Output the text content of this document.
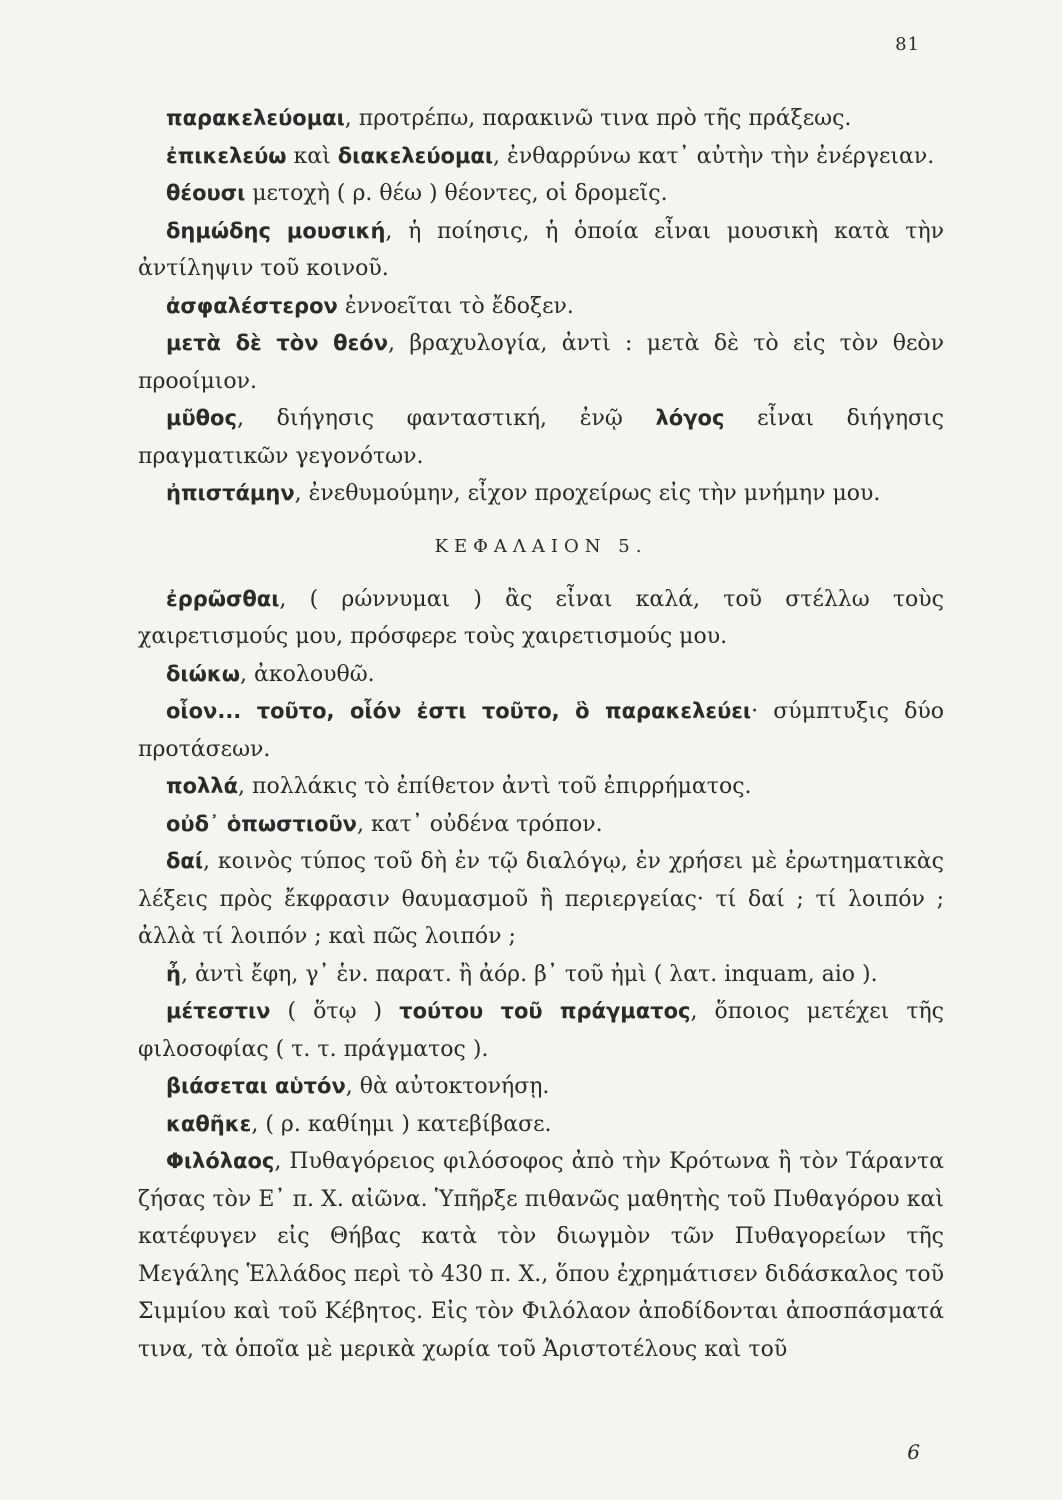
81

παρακελεύομαι, προτρέπω, παρακινῶ τινα πρὸ τῆς πράξεως.

ἐπικελεύω καὶ διακελεύομαι, ἐνθαρρύνω κατ᾽ αὐτὴν τὴν ἐνέργειαν.

θέουσι μετοχὴ ( ρ. θέω ) θέοντες, οἱ δρομεῖς.

δημώδης μουσική, ἡ ποίησις, ἡ ὁποία εἶναι μουσικὴ κατὰ τὴν ἀντίληψιν τοῦ κοινοῦ.

ἀσφαλέστερον ἐννοεῖται τὸ ἔδοξεν.

μετὰ δὲ τὸν θεόν, βραχυλογία, ἀντὶ : μετὰ δὲ τὸ εἰς τὸν θεὸν προοίμιον.

μῦθος, διήγησις φανταστική, ἐνῷ λόγος εἶναι διήγησις πραγματικῶν γεγονότων.

ἠπιστάμην, ἐνεθυμούμην, εἶχον προχείρως εἰς τὴν μνήμην μου.

ΚΕΦΑΛΑΙΟΝ 5.

ἐρρῶσθαι, ( ρώννυμαι ) ἂς εἶναι καλά, τοῦ στέλλω τοὺς χαιρετισμούς μου, πρόσφερε τοὺς χαιρετισμούς μου.

διώκω, ἀκολουθῶ.

οἷον... τοῦτο, οἷόν ἐστι τοῦτο, ὃ παρακελεύει· σύμπτυξις δύο προτάσεων.

πολλά, πολλάκις τὸ ἐπίθετον ἀντὶ τοῦ ἐπιρρήματος.

οὐδ᾽ ὁπωστιοῦν, κατ᾽ οὐδένα τρόπον.

δαί, κοινὸς τύπος τοῦ δὴ ἐν τῷ διαλόγῳ, ἐν χρήσει μὲ ἐρωτηματικὰς λέξεις πρὸς ἔκφρασιν θαυμασμοῦ ἢ περιεργείας· τί δαί ; τί λοιπόν ; ἀλλὰ τί λοιπόν ; καὶ πῶς λοιπόν ;

ἦ, ἀντὶ ἔφη, γ᾽ ἑν. παρατ. ἢ ἀόρ. β᾽ τοῦ ἠμὶ ( λατ. inquam, aio ).

μέτεστιν ( ὅτῳ ) τούτου τοῦ πράγματος, ὅποιος μετέχει τῆς φιλοσοφίας ( τ. τ. πράγματος ).

βιάσεται αὑτόν, θὰ αὐτοκτονήσῃ.

καθῆκε, ( ρ. καθίημι ) κατεβίβασε.

Φιλόλαος, Πυθαγόρειος φιλόσοφος ἀπὸ τὴν Κρότωνα ἢ τὸν Τάραντα ζήσας τὸν Ε᾽ π. Χ. αἰῶνα. Ὑπῆρξε πιθανῶς μαθητὴς τοῦ Πυθαγόρου καὶ κατέφυγεν εἰς Θήβας κατὰ τὸν διωγμὸν τῶν Πυθαγορείων τῆς Μεγάλης Ἑλλάδος περὶ τὸ 430 π. Χ., ὅπου ἐχρημάτισεν διδάσκαλος τοῦ Σιμμίου καὶ τοῦ Κέβητος. Εἰς τὸν Φιλόλαον ἀποδίδονται ἀποσπάσματά τινα, τὰ ὁποῖα μὲ μερικὰ χωρία τοῦ Ἀριστοτέλους καὶ τοῦ

6
